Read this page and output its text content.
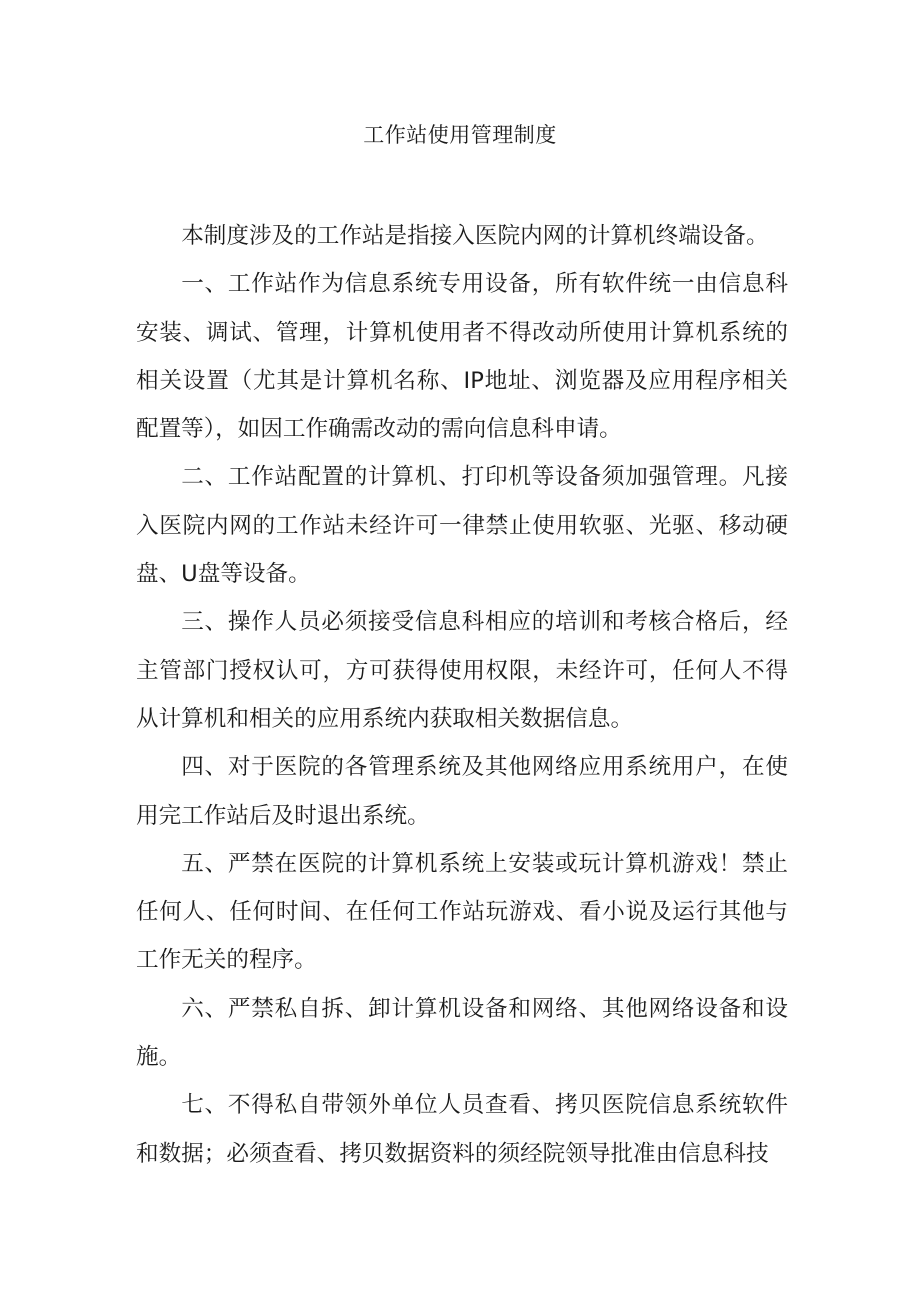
工作站使用管理制度

本制度涉及的工作站是指接入医院内网的计算机终端设备。

一、工作站作为信息系统专用设备，所有软件统一由信息科安装、调试、管理，计算机使用者不得改动所使用计算机系统的相关设置（尤其是计算机名称、IP地址、浏览器及应用程序相关配置等），如因工作确需改动的需向信息科申请。

二、工作站配置的计算机、打印机等设备须加强管理。凡接入医院内网的工作站未经许可一律禁止使用软驱、光驱、移动硬盘、U盘等设备。

三、操作人员必须接受信息科相应的培训和考核合格后，经主管部门授权认可，方可获得使用权限，未经许可，任何人不得从计算机和相关的应用系统内获取相关数据信息。

四、对于医院的各管理系统及其他网络应用系统用户，在使用完工作站后及时退出系统。

五、严禁在医院的计算机系统上安装或玩计算机游戏！禁止任何人、任何时间、在任何工作站玩游戏、看小说及运行其他与工作无关的程序。

六、严禁私自拆、卸计算机设备和网络、其他网络设备和设施。

七、不得私自带领外单位人员查看、拷贝医院信息系统软件和数据；必须查看、拷贝数据资料的须经院领导批准由信息科技
